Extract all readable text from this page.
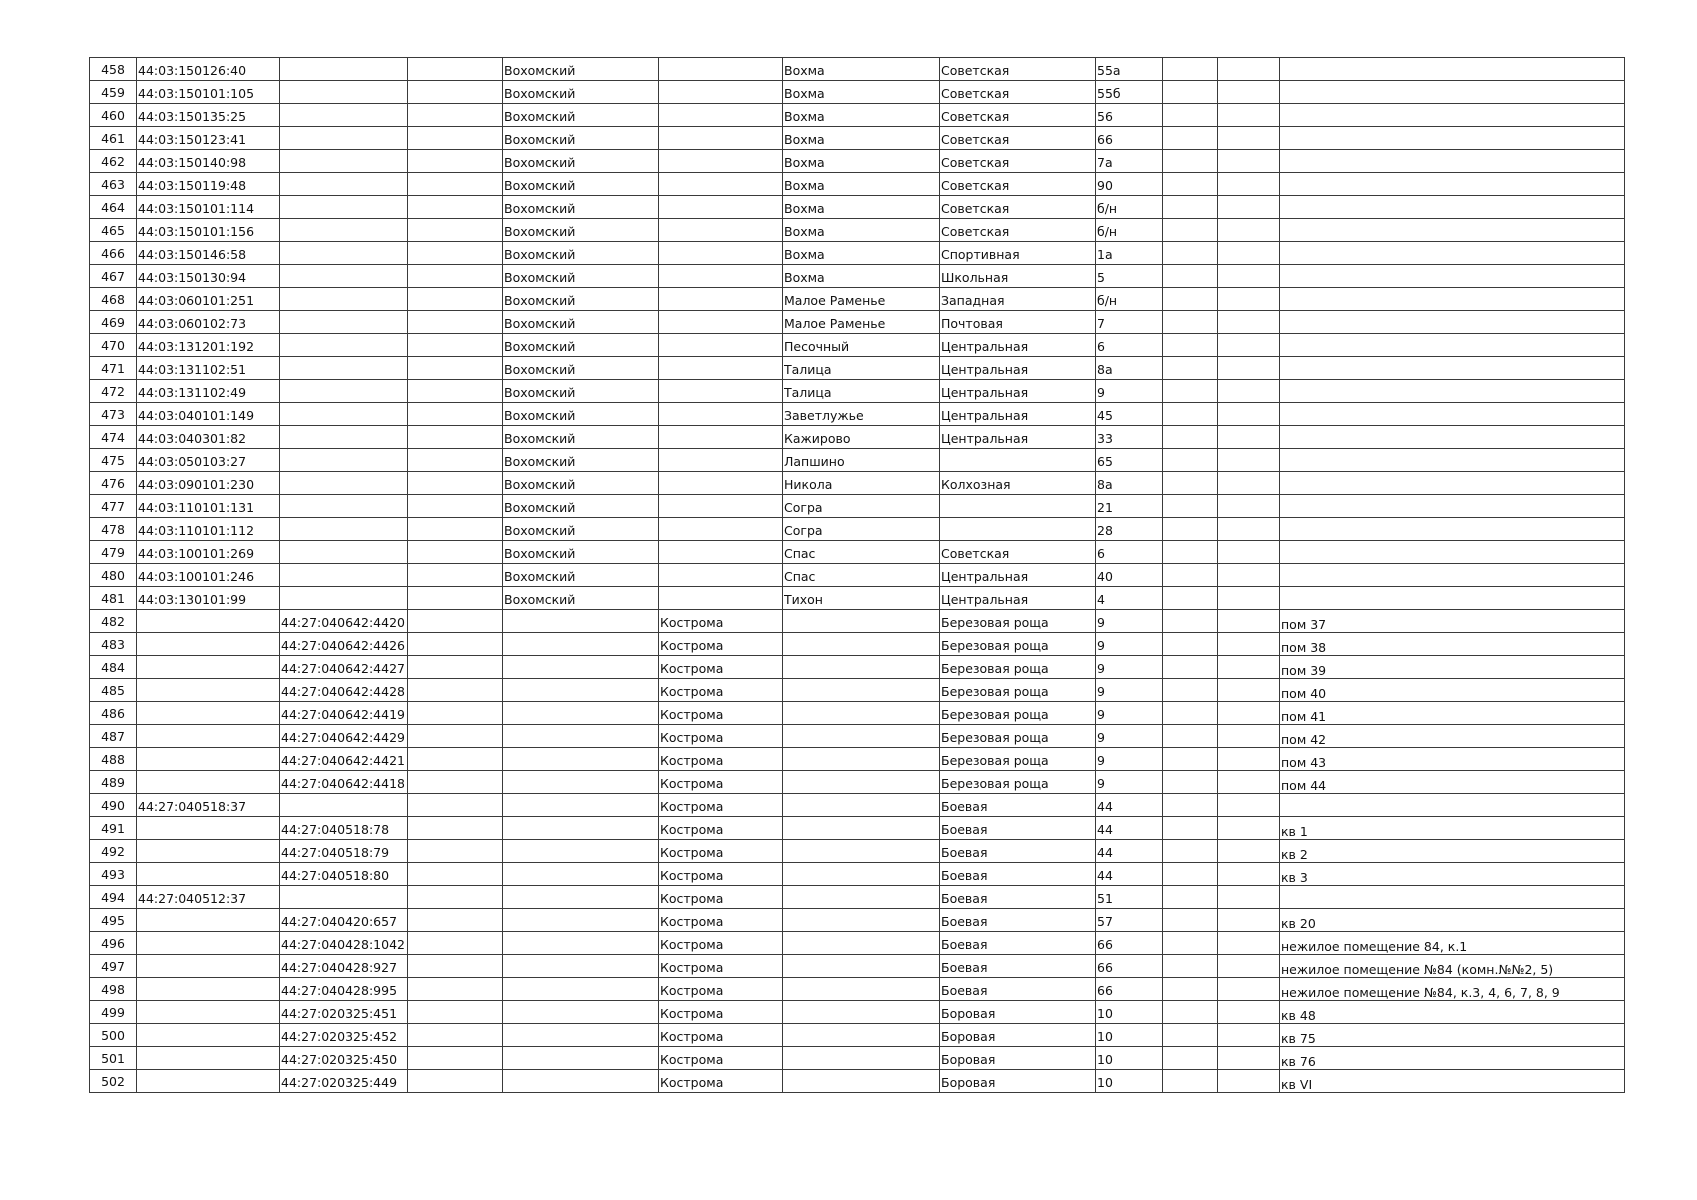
458	44:03:150126:40			Вохомский		Вохма	Советская	55а			
459	44:03:150101:105			Вохомский		Вохма	Советская	55б			
460	44:03:150135:25			Вохомский		Вохма	Советская	56			
461	44:03:150123:41			Вохомский		Вохма	Советская	66			
462	44:03:150140:98			Вохомский		Вохма	Советская	7а			
463	44:03:150119:48			Вохомский		Вохма	Советская	90			
464	44:03:150101:114			Вохомский		Вохма	Советская	б/н			
465	44:03:150101:156			Вохомский		Вохма	Советская	б/н			
466	44:03:150146:58			Вохомский		Вохма	Спортивная	1а			
467	44:03:150130:94			Вохомский		Вохма	Школьная	5			
468	44:03:060101:251			Вохомский		Малое Раменье	Западная	б/н			
469	44:03:060102:73			Вохомский		Малое Раменье	Почтовая	7			
470	44:03:131201:192			Вохомский		Песочный	Центральная	6			
471	44:03:131102:51			Вохомский		Талица	Центральная	8а			
472	44:03:131102:49			Вохомский		Талица	Центральная	9			
473	44:03:040101:149			Вохомский		Заветлужье	Центральная	45			
474	44:03:040301:82			Вохомский		Кажирово	Центральная	33			
475	44:03:050103:27			Вохомский		Лапшино		65			
476	44:03:090101:230			Вохомский		Никола	Колхозная	8а			
477	44:03:110101:131			Вохомский		Согра		21			
478	44:03:110101:112			Вохомский		Согра		28			
479	44:03:100101:269			Вохомский		Спас	Советская	6			
480	44:03:100101:246			Вохомский		Спас	Центральная	40			
481	44:03:130101:99			Вохомский		Тихон	Центральная	4			
482		44:27:040642:4420			Кострома		Березовая роща	9			пом 37
483		44:27:040642:4426			Кострома		Березовая роща	9			пом 38
484		44:27:040642:4427			Кострома		Березовая роща	9			пом 39
485		44:27:040642:4428			Кострома		Березовая роща	9			пом 40
486		44:27:040642:4419			Кострома		Березовая роща	9			пом 41
487		44:27:040642:4429			Кострома		Березовая роща	9			пом 42
488		44:27:040642:4421			Кострома		Березовая роща	9			пом 43
489		44:27:040642:4418			Кострома		Березовая роща	9			пом 44
490	44:27:040518:37				Кострома		Боевая	44			
491		44:27:040518:78			Кострома		Боевая	44			кв 1
492		44:27:040518:79			Кострома		Боевая	44			кв 2
493		44:27:040518:80			Кострома		Боевая	44			кв 3
494	44:27:040512:37				Кострома		Боевая	51			
495		44:27:040420:657			Кострома		Боевая	57			кв 20
496		44:27:040428:1042			Кострома		Боевая	66			нежилое помещение 84, к.1
497		44:27:040428:927			Кострома		Боевая	66			нежилое помещение №84 (комн.№№2, 5)
498		44:27:040428:995			Кострома		Боевая	66			нежилое помещение №84, к.3, 4, 6, 7, 8, 9
499		44:27:020325:451			Кострома		Боровая	10			кв 48
500		44:27:020325:452			Кострома		Боровая	10			кв 75
501		44:27:020325:450			Кострома		Боровая	10			кв 76
502		44:27:020325:449			Кострома		Боровая	10			кв VI
